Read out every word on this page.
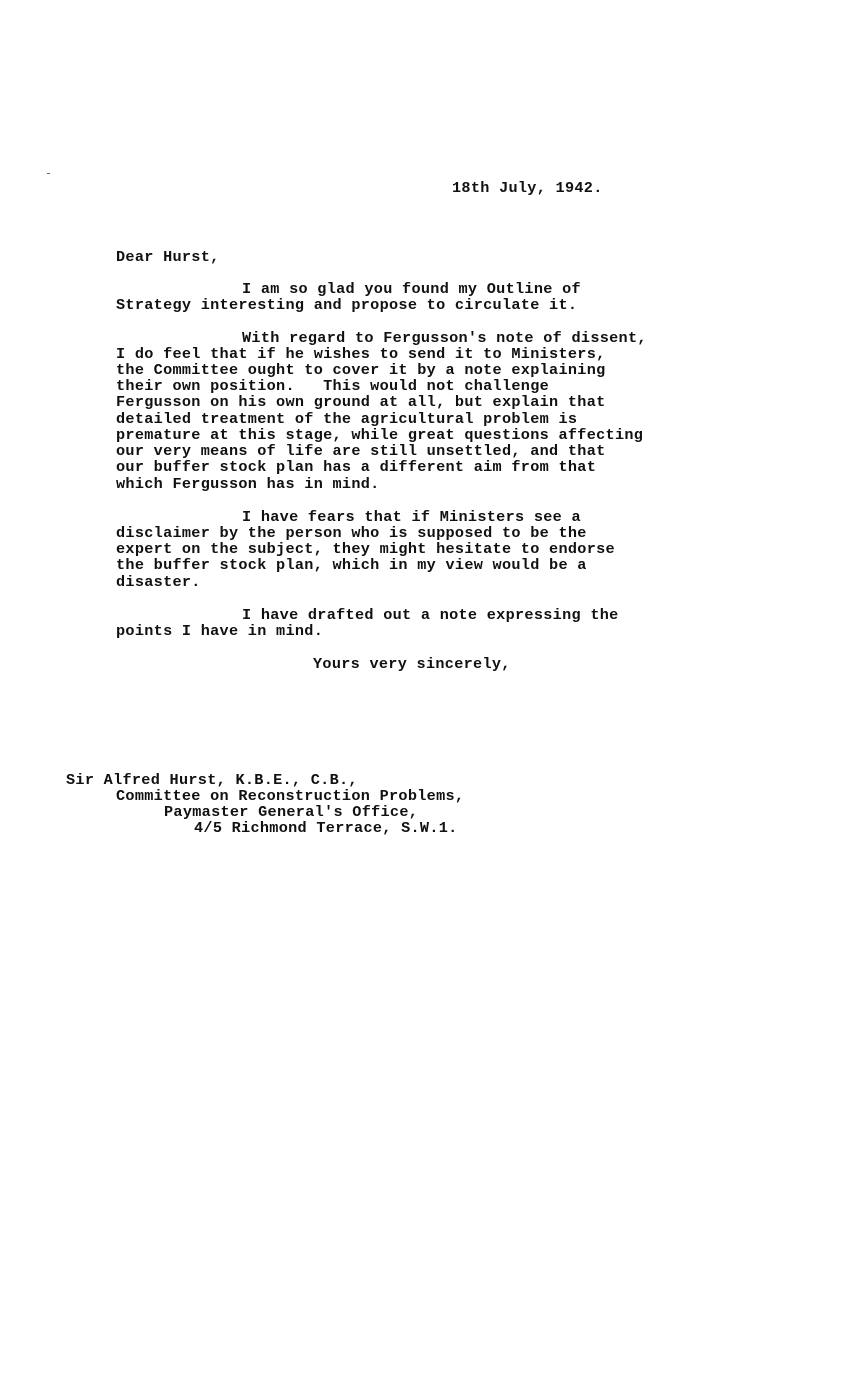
18th July, 1942.
Dear Hurst,
I am so glad you found my Outline of
Strategy interesting and propose to circulate it.
With regard to Fergusson's note of dissent,
I do feel that if he wishes to send it to Ministers,
the Committee ought to cover it by a note explaining
their own position.   This would not challenge
Fergusson on his own ground at all, but explain that
detailed treatment of the agricultural problem is
premature at this stage, while great questions affecting
our very means of life are still unsettled, and that
our buffer stock plan has a different aim from that
which Fergusson has in mind.
I have fears that if Ministers see a
disclaimer by the person who is supposed to be the
expert on the subject, they might hesitate to endorse
the buffer stock plan, which in my view would be a
disaster.
I have drafted out a note expressing the
points I have in mind.
Yours very sincerely,
Sir Alfred Hurst, K.B.E., C.B.,
Committee on Reconstruction Problems,
Paymaster General's Office,
4/5 Richmond Terrace, S.W.1.
